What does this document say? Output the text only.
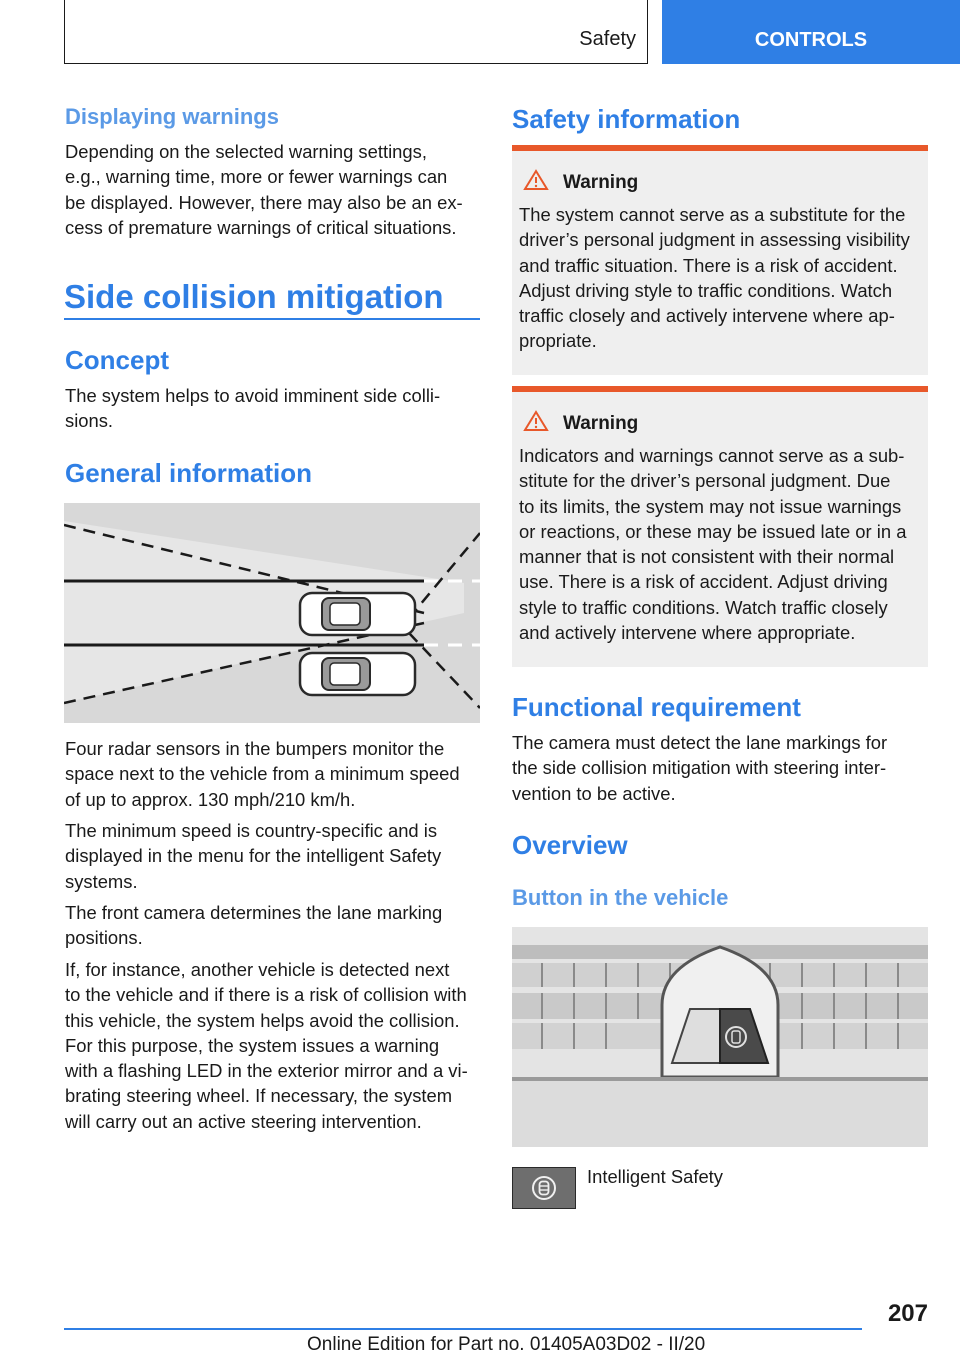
Safety	CONTROLS
Displaying warnings

Depending on the selected warning settings,

e.g., warning time, more or fewer warnings can

be displayed. However, there may also be an ex‐

cess of premature warnings of critical situations.

Side collision mitigation
Concept

The system helps to avoid imminent side colli‐

sions.

General information

Four radar sensors in the bumpers monitor the

space next to the vehicle from a minimum speed

of up to approx. 130 mph/210 km/h.

The minimum speed is country-specific and is

displayed in the menu for the intelligent Safety

systems.

The front camera determines the lane marking

positions.

If, for instance, another vehicle is detected next

to the vehicle and if there is a risk of collision with

this vehicle, the system helps avoid the collision.

For this purpose, the system issues a warning

with a flashing LED in the exterior mirror and a vi‐

brating steering wheel. If necessary, the system

will carry out an active steering intervention.

Safety information
Warning

The system cannot serve as a substitute for the

driver’s personal judgment in assessing visibility

and traffic situation. There is a risk of accident.

Adjust driving style to traffic conditions. Watch

traffic closely and actively intervene where ap‐

propriate.

Warning

Indicators and warnings cannot serve as a sub‐

stitute for the driver’s personal judgment. Due

to its limits, the system may not issue warnings

or reactions, or these may be issued late or in a

manner that is not consistent with their normal

use. There is a risk of accident. Adjust driving

style to traffic conditions. Watch traffic closely

and actively intervene where appropriate.

Functional requirement

The camera must detect the lane markings for

the side collision mitigation with steering inter‐

vention to be active.

Overview
Button in the vehicle
Intelligent Safety
207
Online Edition for Part no. 01405A03D02 - II/20
